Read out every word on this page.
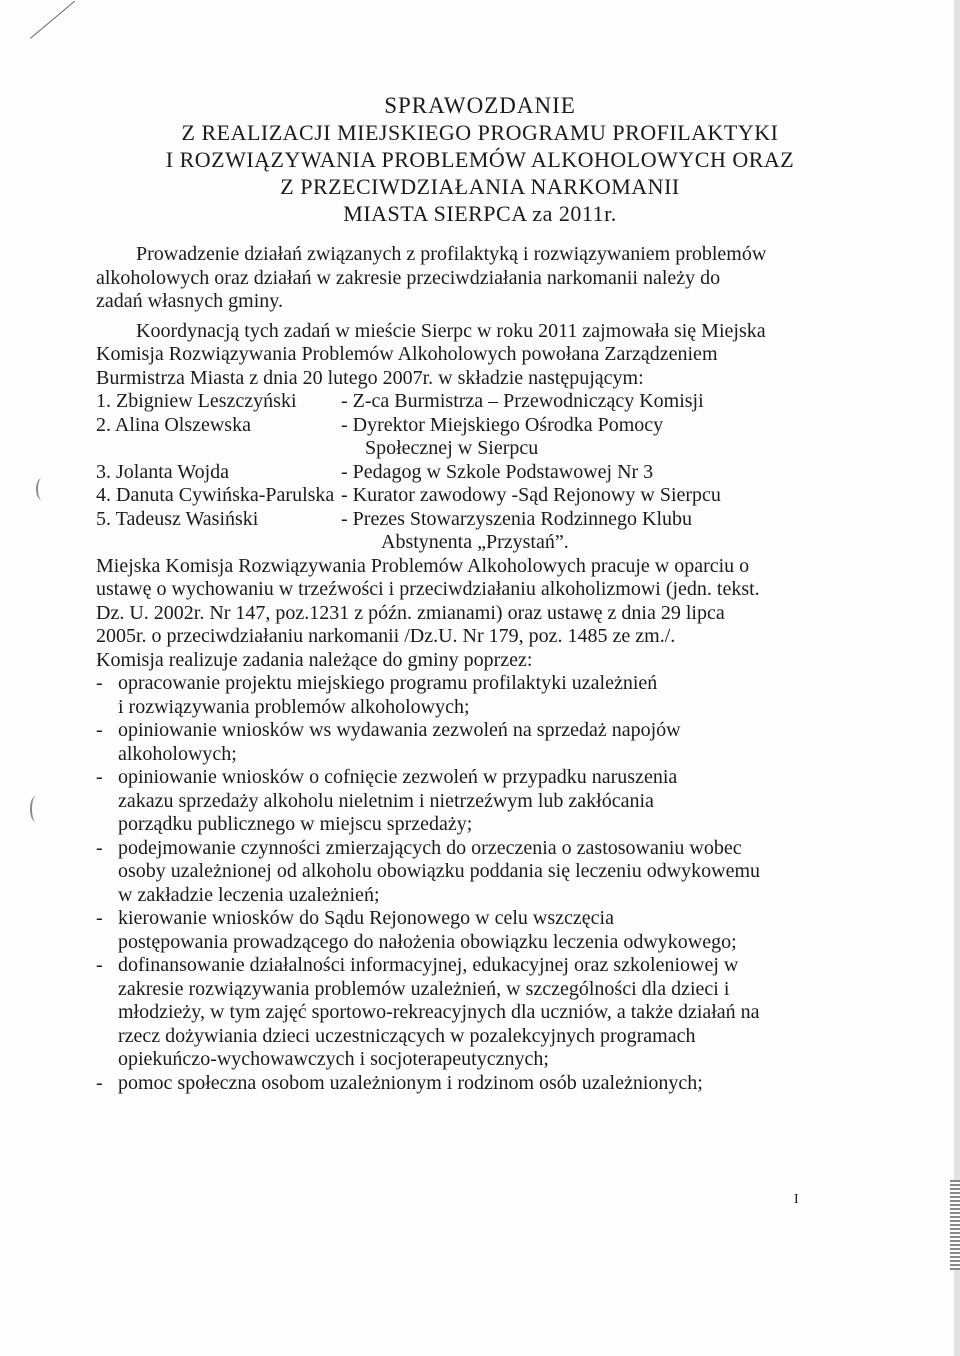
SPRAWOZDANIE
Z REALIZACJI MIEJSKIEGO PROGRAMU PROFILAKTYKI
I ROZWIĄZYWANIA PROBLEMÓW ALKOHOLOWYCH ORAZ
Z PRZECIWDZIAŁANIA NARKOMANII
MIASTA SIERPCA za 2011r.
Prowadzenie działań związanych z profilaktyką i rozwiązywaniem problemów
alkoholowych oraz działań w zakresie przeciwdziałania narkomanii należy do
zadań własnych gminy.
Koordynacją tych zadań w mieście Sierpc w roku 2011 zajmowała się Miejska
Komisja Rozwiązywania Problemów Alkoholowych powołana Zarządzeniem
Burmistrza Miasta z dnia 20 lutego 2007r. w składzie następującym:
1. Zbigniew Leszczyński	- Z-ca Burmistrza – Przewodniczący Komisji
2. Alina Olszewska	- Dyrektor Miejskiego Ośrodka Pomocy
Społecznej w Sierpcu
3. Jolanta Wojda	- Pedagog w Szkole Podstawowej Nr 3
4. Danuta Cywińska-Parulska - Kurator zawodowy -Sąd Rejonowy w Sierpcu
5. Tadeusz Wasiński	- Prezes Stowarzyszenia Rodzinnego Klubu
Abstynenta „Przystań”.
Miejska Komisja Rozwiązywania Problemów Alkoholowych pracuje w oparciu o
ustawę o wychowaniu w trzeźwości i przeciwdziałaniu alkoholizmowi (jedn. tekst.
Dz. U. 2002r. Nr 147, poz.1231 z późn. zmianami) oraz ustawę z dnia 29 lipca
2005r. o przeciwdziałaniu narkomanii /Dz.U. Nr 179, poz. 1485 ze zm./.
Komisja realizuje zadania należące do gminy poprzez:
- opracowanie projektu miejskiego programu profilaktyki uzależnień
i rozwiązywania problemów alkoholowych;
- opiniowanie wniosków ws wydawania zezwoleń na sprzedaż napojów
alkoholowych;
- opiniowanie wniosków o cofnięcie zezwoleń w przypadku naruszenia
zakazu sprzedaży alkoholu nieletnim i nietrzeźwym lub zakłócania
porządku publicznego w miejscu sprzedaży;
- podejmowanie czynności zmierzających do orzeczenia o zastosowaniu wobec
osoby uzależnionej od alkoholu obowiązku poddania się leczeniu odwykowemu
w zakładzie leczenia uzależnień;
- kierowanie wniosków do Sądu Rejonowego w celu wszczęcia
postępowania prowadzącego do nałożenia obowiązku leczenia odwykowego;
- dofinansowanie działalności informacyjnej, edukacyjnej oraz szkoleniowej w
zakresie rozwiązywania problemów uzależnień, w szczególności dla dzieci i
młodzieży, w tym zajęć sportowo-rekreacyjnych dla uczniów, a także działań na
rzecz dożywiania dzieci uczestniczących w pozalekcyjnych programach
opiekuńczo-wychowawczych i socjoterapeutycznych;
- pomoc społeczna osobom uzależnionym i rodzinom osób uzależnionych;
I
